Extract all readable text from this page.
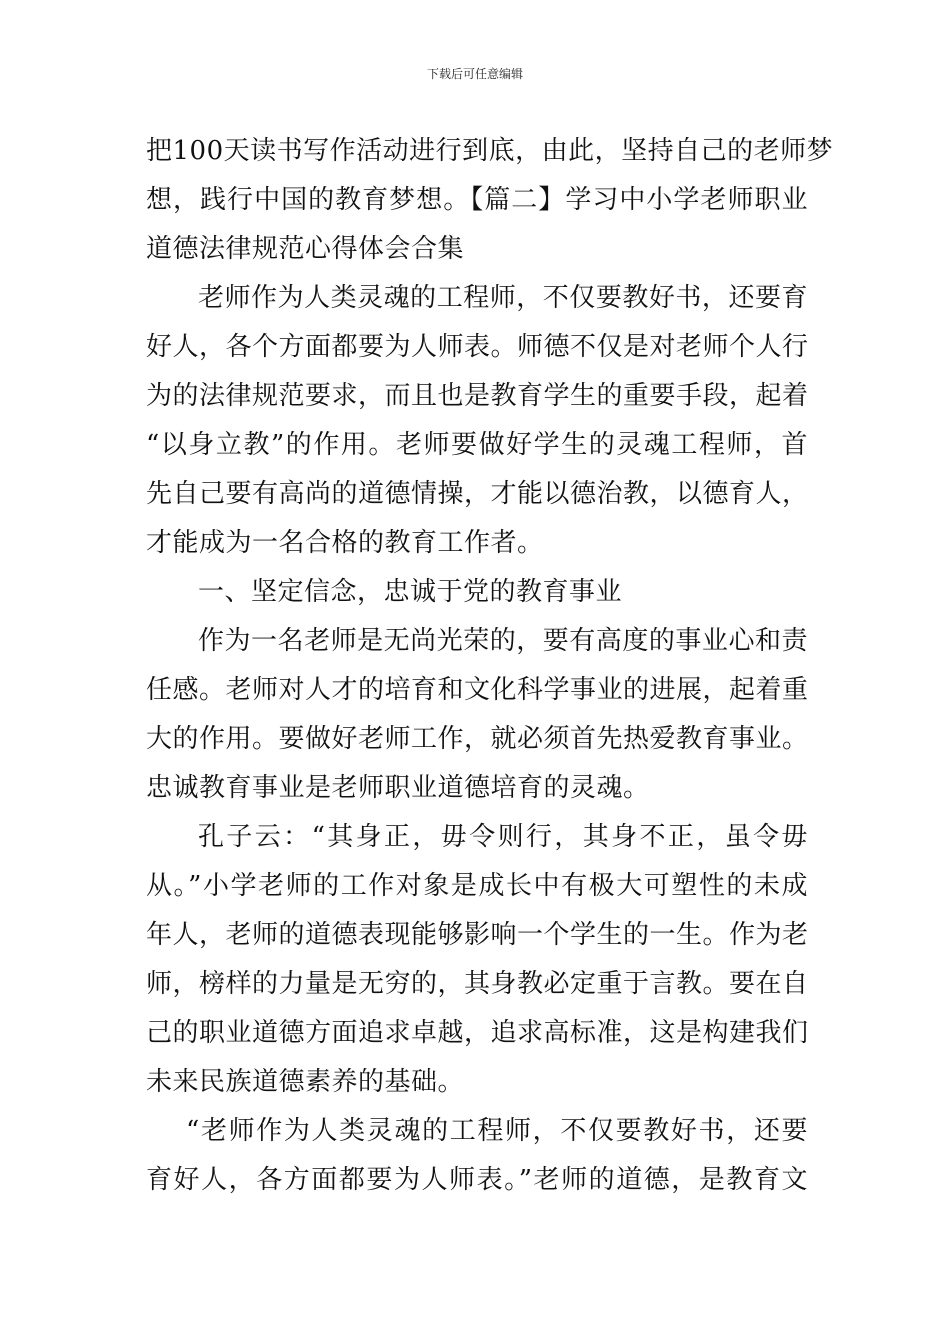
下载后可任意编辑
把100天读书写作活动进行到底，由此，坚持自己的老师梦
想，践行中国的教育梦想。【篇二】学习中小学老师职业
道德法律规范心得体会合集
老师作为人类灵魂的工程师，不仅要教好书，还要育
好人，各个方面都要为人师表。师德不仅是对老师个人行
为的法律规范要求，而且也是教育学生的重要手段，起着
“以身立教”的作用。老师要做好学生的灵魂工程师，首
先自己要有高尚的道德情操，才能以德治教，以德育人，
才能成为一名合格的教育工作者。
一、坚定信念，忠诚于党的教育事业
作为一名老师是无尚光荣的，要有高度的事业心和责
任感。老师对人才的培育和文化科学事业的进展，起着重
大的作用。要做好老师工作，就必须首先热爱教育事业。
忠诚教育事业是老师职业道德培育的灵魂。
孔子云：“其身正，毋令则行，其身不正，虽令毋
从。”小学老师的工作对象是成长中有极大可塑性的未成
年人，老师的道德表现能够影响一个学生的一生。作为老
师，榜样的力量是无穷的，其身教必定重于言教。要在自
己的职业道德方面追求卓越，追求高标准，这是构建我们
未来民族道德素养的基础。
“老师作为人类灵魂的工程师，不仅要教好书，还要
育好人，各方面都要为人师表。”老师的道德，是教育文
